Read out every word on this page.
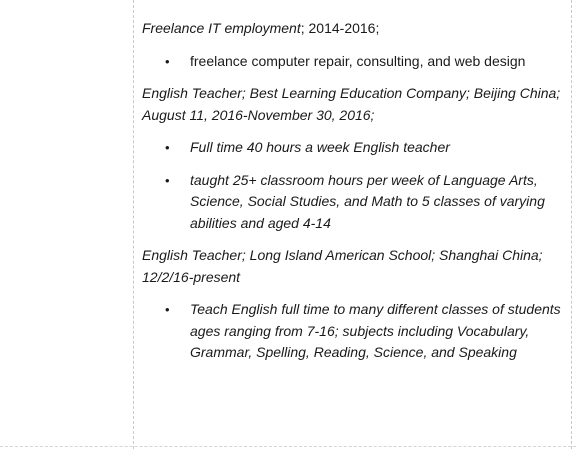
Freelance IT employment; 2014-2016;
• freelance computer repair, consulting, and web design
English Teacher; Best Learning Education Company; Beijing China; August 11, 2016-November 30, 2016;
• Full time 40 hours a week English teacher
• taught 25+ classroom hours per week of Language Arts, Science, Social Studies, and Math to 5 classes of varying abilities and aged 4-14
English Teacher; Long Island American School; Shanghai China; 12/2/16-present
• Teach English full time to many different classes of students ages ranging from 7-16; subjects including Vocabulary, Grammar, Spelling, Reading, Science, and Speaking
